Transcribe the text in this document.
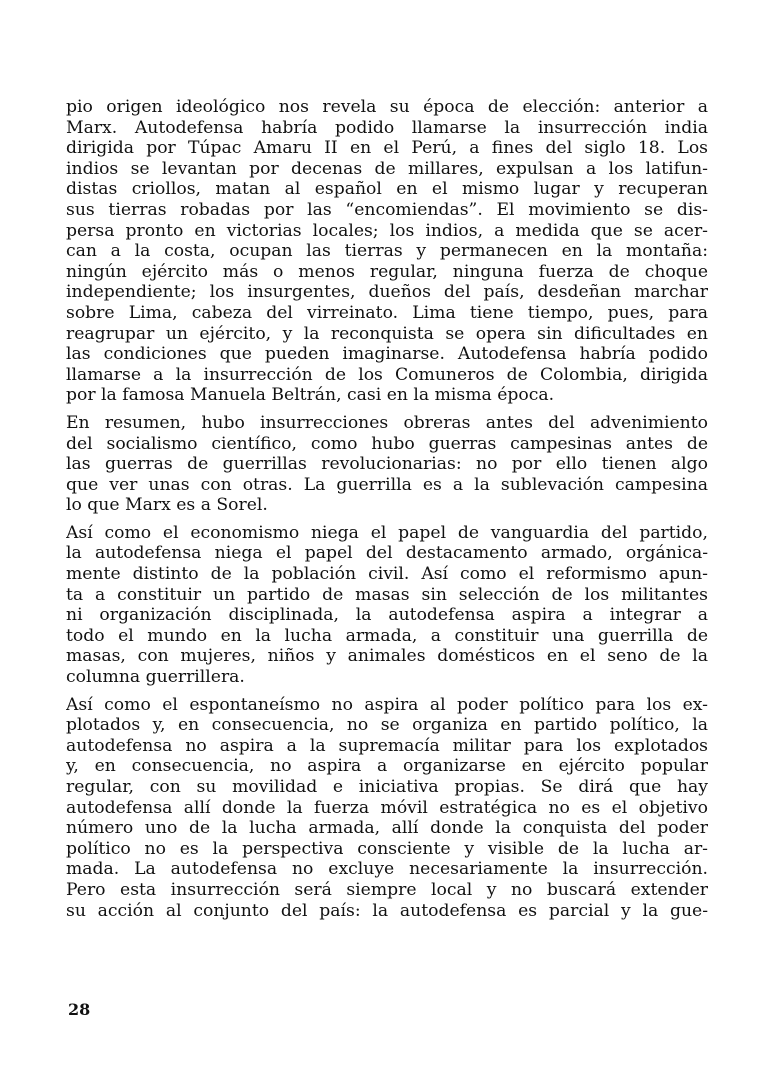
pio origen ideológico nos revela su época de elección: anterior a
Marx. Autodefensa habría podido llamarse la insurrección india
dirigida por Túpac Amaru II en el Perú, a fines del siglo 18. Los
indios se levantan por decenas de millares, expulsan a los latifun-
distas criollos, matan al español en el mismo lugar y recuperan
sus tierras robadas por las “encomiendas”. El movimiento se dis-
persa pronto en victorias locales; los indios, a medida que se acer-
can a la costa, ocupan las tierras y permanecen en la montaña:
ningún ejército más o menos regular, ninguna fuerza de choque
independiente; los insurgentes, dueños del país, desdeñan marchar
sobre Lima, cabeza del virreinato. Lima tiene tiempo, pues, para
reagrupar un ejército, y la reconquista se opera sin dificultades en
las condiciones que pueden imaginarse. Autodefensa habría podido
llamarse a la insurrección de los Comuneros de Colombia, dirigida
por la famosa Manuela Beltrán, casi en la misma época.

En resumen, hubo insurrecciones obreras antes del advenimiento
del socialismo científico, como hubo guerras campesinas antes de
las guerras de guerrillas revolucionarias: no por ello tienen algo
que ver unas con otras. La guerrilla es a la sublevación campesina
lo que Marx es a Sorel.

Así como el economismo niega el papel de vanguardia del partido,
la autodefensa niega el papel del destacamento armado, orgánica-
mente distinto de la población civil. Así como el reformismo apun-
ta a constituir un partido de masas sin selección de los militantes
ni organización disciplinada, la autodefensa aspira a integrar a
todo el mundo en la lucha armada, a constituir una guerrilla de
masas, con mujeres, niños y animales domésticos en el seno de la
columna guerrillera.

Así como el espontaneísmo no aspira al poder político para los ex-
plotados y, en consecuencia, no se organiza en partido político, la
autodefensa no aspira a la supremacía militar para los explotados
y, en consecuencia, no aspira a organizarse en ejército popular
regular, con su movilidad e iniciativa propias. Se dirá que hay
autodefensa allí donde la fuerza móvil estratégica no es el objetivo
número uno de la lucha armada, allí donde la conquista del poder
político no es la perspectiva consciente y visible de la lucha ar-
mada. La autodefensa no excluye necesariamente la insurrección.
Pero esta insurrección será siempre local y no buscará extender
su acción al conjunto del país: la autodefensa es parcial y la gue-

28
